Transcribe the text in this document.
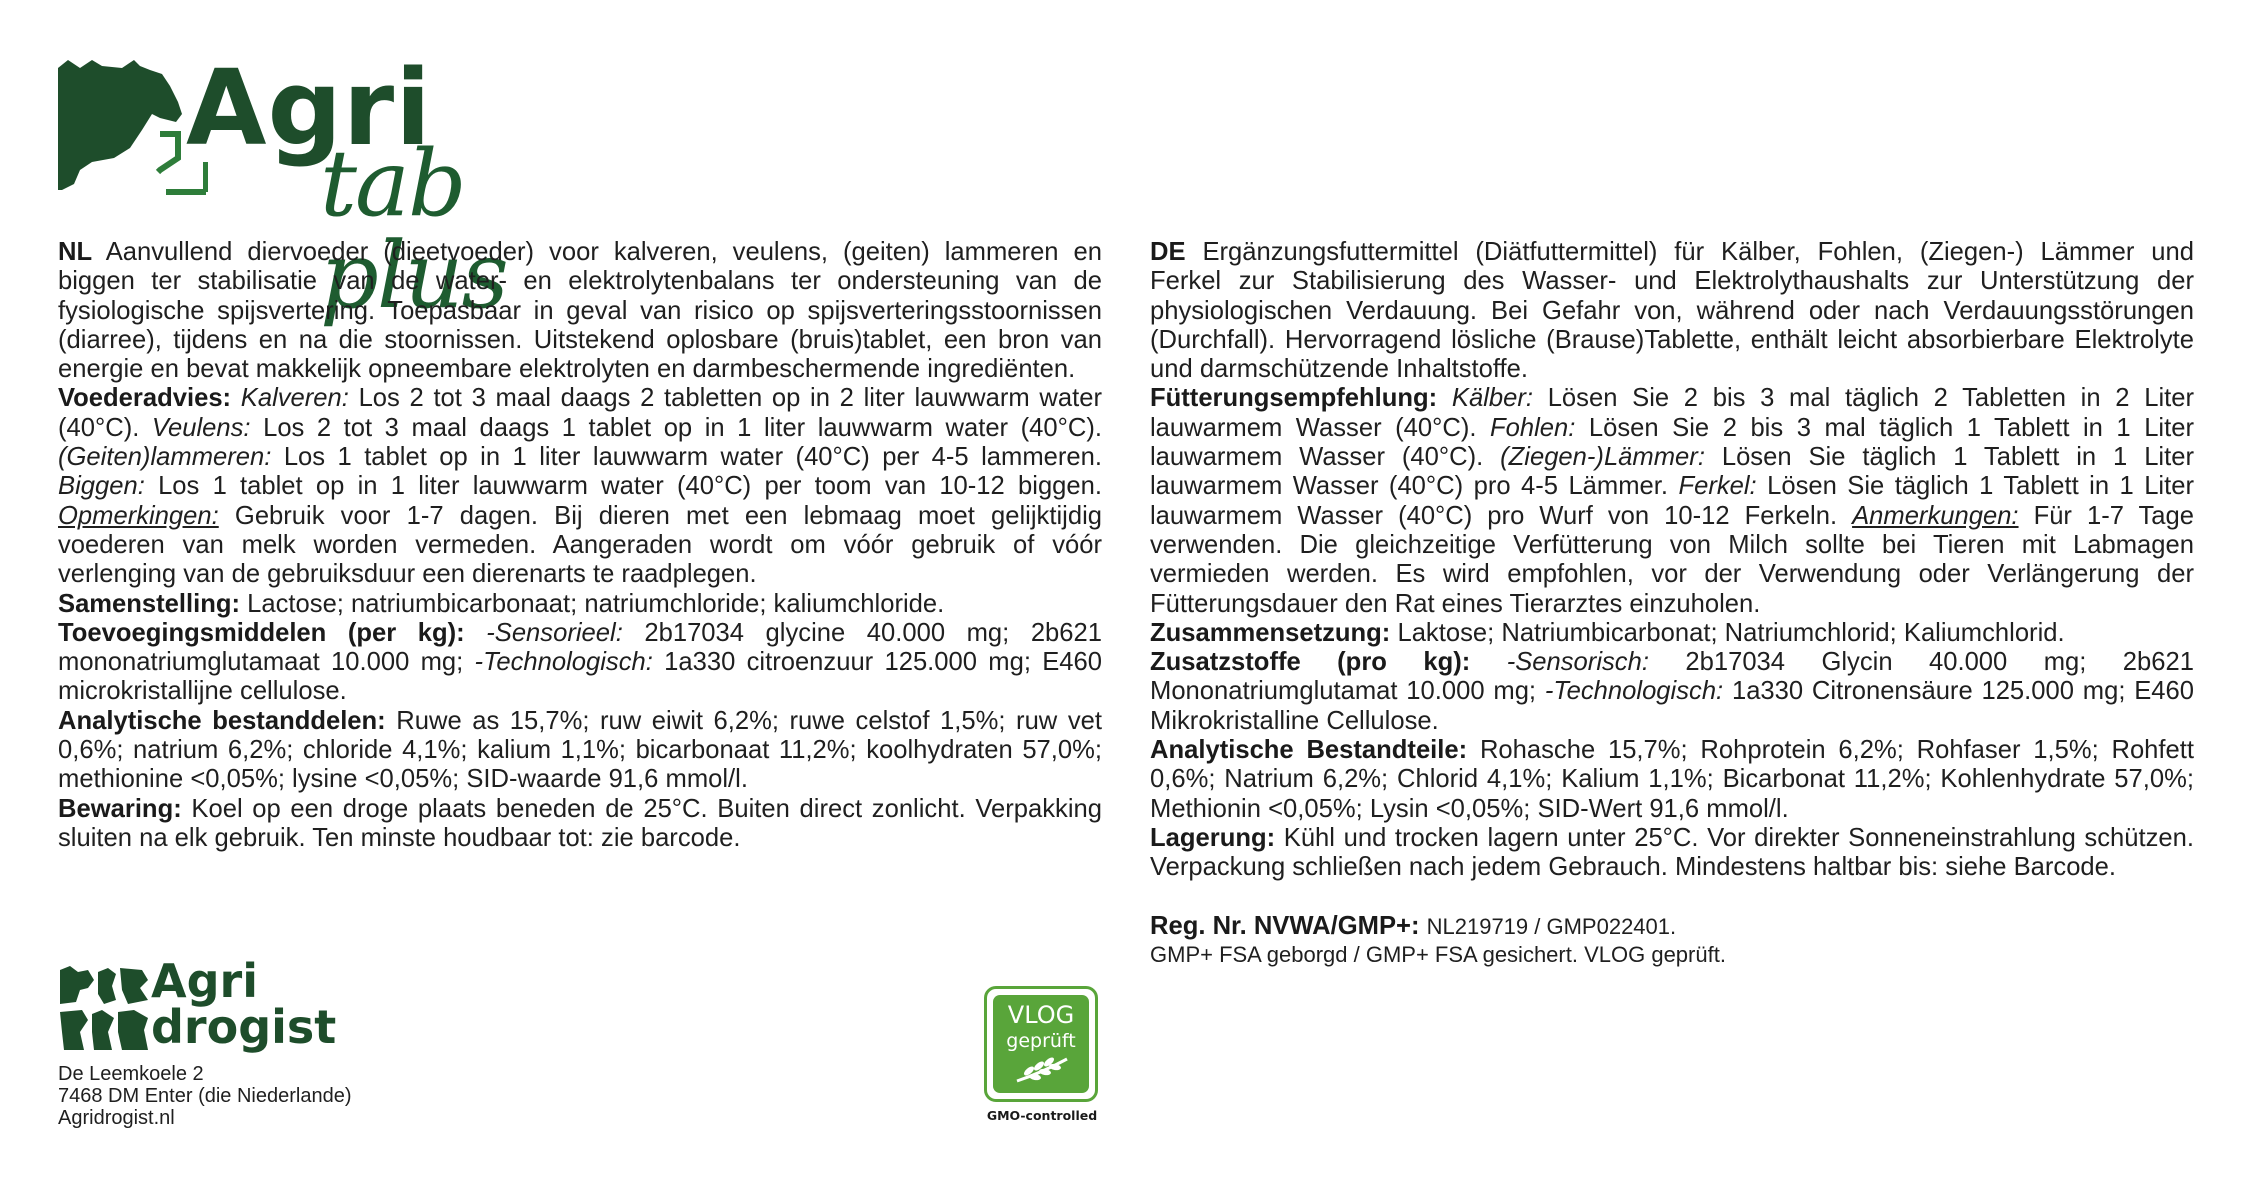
Agri
tab plus

NL Aanvullend diervoeder (dieetvoeder) voor kalveren, veulens, (geiten) lammeren en biggen ter stabilisatie van de water- en elektrolytenbalans ter ondersteuning van de fysiologische spijsvertering. Toepasbaar in geval van risico op spijsverteringsstoornissen (diarree), tijdens en na die stoornissen. Uitstekend oplosbare (bruis)tablet, een bron van energie en bevat makkelijk opneembare elektrolyten en darmbeschermende ingrediënten.

Voederadvies: Kalveren: Los 2 tot 3 maal daags 2 tabletten op in 2 liter lauwwarm water (40°C). Veulens: Los 2 tot 3 maal daags 1 tablet op in 1 liter lauwwarm water (40°C). (Geiten)lammeren: Los 1 tablet op in 1 liter lauwwarm water (40°C) per 4-5 lammeren. Biggen: Los 1 tablet op in 1 liter lauwwarm water (40°C) per toom van 10-12 biggen. Opmerkingen: Gebruik voor 1-7 dagen. Bij dieren met een lebmaag moet gelijktijdig voederen van melk worden vermeden. Aangeraden wordt om vóór gebruik of vóór verlenging van de gebruiksduur een dierenarts te raadplegen.

Samenstelling: Lactose; natriumbicarbonaat; natriumchloride; kaliumchloride.

Toevoegingsmiddelen (per kg): -Sensorieel: 2b17034 glycine 40.000 mg; 2b621 mononatriumglutamaat 10.000 mg; -Technologisch: 1a330 citroenzuur 125.000 mg; E460 microkristallijne cellulose.

Analytische bestanddelen: Ruwe as 15,7%; ruw eiwit 6,2%; ruwe celstof 1,5%; ruw vet 0,6%; natrium 6,2%; chloride 4,1%; kalium 1,1%; bicarbonaat 11,2%; koolhydraten 57,0%; methionine <0,05%; lysine <0,05%; SID-waarde 91,6 mmol/l.

Bewaring: Koel op een droge plaats beneden de 25°C. Buiten direct zonlicht. Verpakking sluiten na elk gebruik. Ten minste houdbaar tot: zie barcode.

DE Ergänzungsfuttermittel (Diätfuttermittel) für Kälber, Fohlen, (Ziegen-) Lämmer und Ferkel zur Stabilisierung des Wasser- und Elektrolythaushalts zur Unterstützung der physiologischen Verdauung. Bei Gefahr von, während oder nach Verdauungsstörungen (Durchfall). Hervorragend lösliche (Brause)Tablette, enthält leicht absorbierbare Elektrolyte und darmschützende Inhaltstoffe.

Fütterungsempfehlung: Kälber: Lösen Sie 2 bis 3 mal täglich 2 Tabletten in 2 Liter lauwarmem Wasser (40°C). Fohlen: Lösen Sie 2 bis 3 mal täglich 1 Tablett in 1 Liter lauwarmem Wasser (40°C). (Ziegen-)Lämmer: Lösen Sie täglich 1 Tablett in 1 Liter lauwarmem Wasser (40°C) pro 4-5 Lämmer. Ferkel: Lösen Sie täglich 1 Tablett in 1 Liter lauwarmem Wasser (40°C) pro Wurf von 10-12 Ferkeln. Anmerkungen: Für 1-7 Tage verwenden. Die gleichzeitige Verfütterung von Milch sollte bei Tieren mit Labmagen vermieden werden. Es wird empfohlen, vor der Verwendung oder Verlängerung der Fütterungsdauer den Rat eines Tierarztes einzuholen.

Zusammensetzung: Laktose; Natriumbicarbonat; Natriumchlorid; Kaliumchlorid.

Zusatzstoffe (pro kg): -Sensorisch: 2b17034 Glycin 40.000 mg; 2b621 Mononatriumglutamat 10.000 mg; -Technologisch: 1a330 Citronensäure 125.000 mg; E460 Mikrokristalline Cellulose.

Analytische Bestandteile: Rohasche 15,7%; Rohprotein 6,2%; Rohfaser 1,5%; Rohfett 0,6%; Natrium 6,2%; Chlorid 4,1%; Kalium 1,1%; Bicarbonat 11,2%; Kohlenhydrate 57,0%; Methionin <0,05%; Lysin <0,05%; SID-Wert 91,6 mmol/l.

Lagerung: Kühl und trocken lagern unter 25°C. Vor direkter Sonneneinstrahlung schützen. Verpackung schließen nach jedem Gebrauch. Mindestens haltbar bis: siehe Barcode.

Reg. Nr. NVWA/GMP+: NL219719 / GMP022401.

GMP+ FSA geborgd / GMP+ FSA gesichert. VLOG geprüft.

Agri
drogist
De Leemkoele 2
7468 DM Enter (die Niederlande)
Agridrogist.nl
VLOG
geprüft
GMO-controlled
